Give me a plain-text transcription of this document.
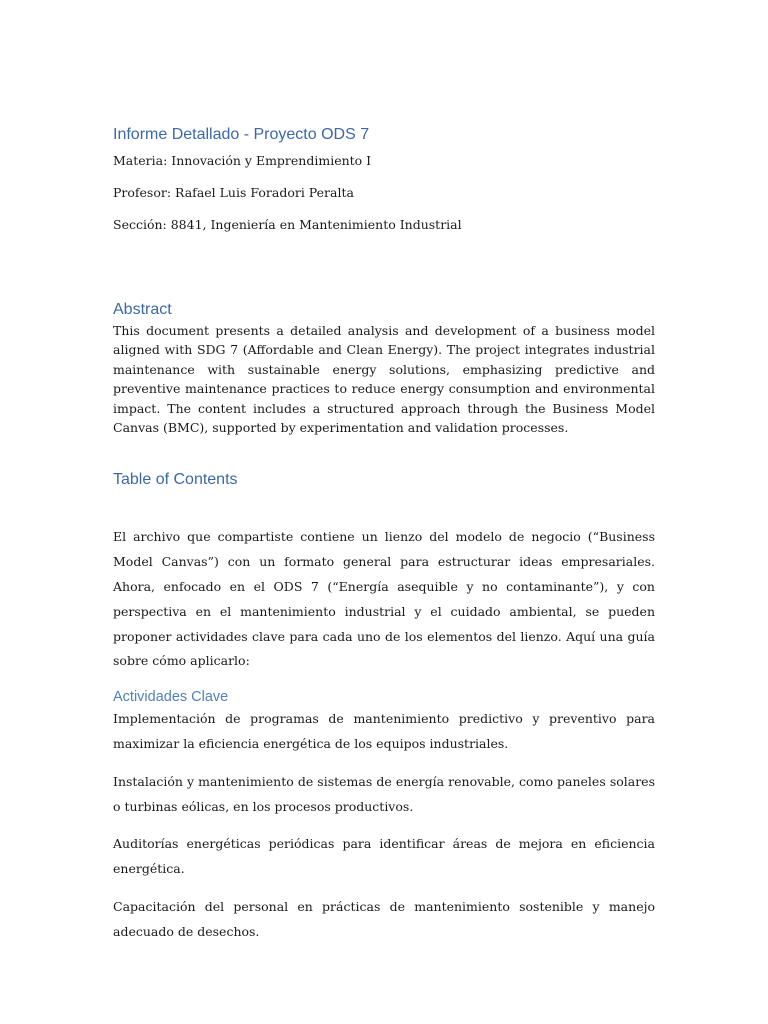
Informe Detallado - Proyecto ODS 7

Materia: Innovación y Emprendimiento I

Profesor: Rafael Luis Foradori Peralta

Sección: 8841, Ingeniería en Mantenimiento Industrial

Abstract

This document presents a detailed analysis and development of a business model aligned with SDG 7 (Affordable and Clean Energy). The project integrates industrial maintenance with sustainable energy solutions, emphasizing predictive and preventive maintenance practices to reduce energy consumption and environmental impact. The content includes a structured approach through the Business Model Canvas (BMC), supported by experimentation and validation processes.

Table of Contents

El archivo que compartiste contiene un lienzo del modelo de negocio (“Business Model Canvas”) con un formato general para estructurar ideas empresariales. Ahora, enfocado en el ODS 7 (“Energía asequible y no contaminante”), y con perspectiva en el mantenimiento industrial y el cuidado ambiental, se pueden proponer actividades clave para cada uno de los elementos del lienzo. Aquí una guía sobre cómo aplicarlo:

Actividades Clave

Implementación de programas de mantenimiento predictivo y preventivo para maximizar la eficiencia energética de los equipos industriales.

Instalación y mantenimiento de sistemas de energía renovable, como paneles solares o turbinas eólicas, en los procesos productivos.

Auditorías energéticas periódicas para identificar áreas de mejora en eficiencia energética.

Capacitación del personal en prácticas de mantenimiento sostenible y manejo adecuado de desechos.
